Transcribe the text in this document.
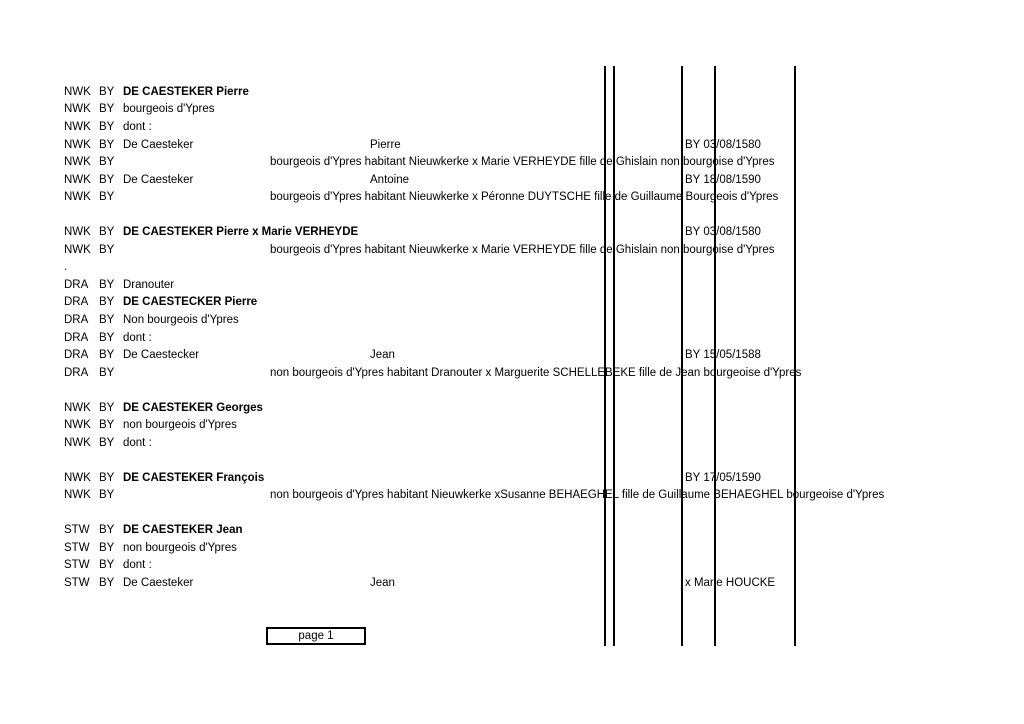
NWK BY DE CAESTEKER Pierre
NWK BY bourgeois d'Ypres
NWK BY dont :
NWK BY De Caesteker	Pierre	BY 03/08/1580
NWK BY	bourgeois d'Ypres habitant Nieuwkerke x Marie VERHEYDE fille de Ghislain non bourgoise d'Ypres
NWK BY De Caesteker	Antoine	BY 18/08/1590
NWK BY	bourgeois d'Ypres habitant Nieuwkerke x Péronne DUYTSCHE fille de Guillaume Bourgeois d'Ypres
NWK BY DE CAESTEKER Pierre x Marie VERHEYDE	BY 03/08/1580
NWK BY	bourgeois d'Ypres habitant Nieuwkerke x Marie VERHEYDE fille de Ghislain non bourgoise d'Ypres
DRA BY Dranouter
DRA BY DE CAESTECKER Pierre
DRA BY Non bourgeois d'Ypres
DRA BY dont :
DRA BY De Caestecker	Jean	BY 15/05/1588
DRA BY	non bourgeois d'Ypres habitant Dranouter x Marguerite SCHELLEBEKE fille de Jean bourgeoise d'Ypres
NWK BY DE CAESTEKER Georges
NWK BY non bourgeois d'Ypres
NWK BY dont :
NWK BY DE CAESTEKER François	BY 17/05/1590
NWK BY	non bourgeois d'Ypres habitant Nieuwkerke xSusanne BEHAEGHEL fille de Guillaume BEHAEGHEL bourgeoise d'Ypres
STW BY DE CAESTEKER Jean
STW BY non bourgeois d'Ypres
STW BY dont :
STW BY De Caesteker	Jean	x Marie HOUCKE
.
page 1
